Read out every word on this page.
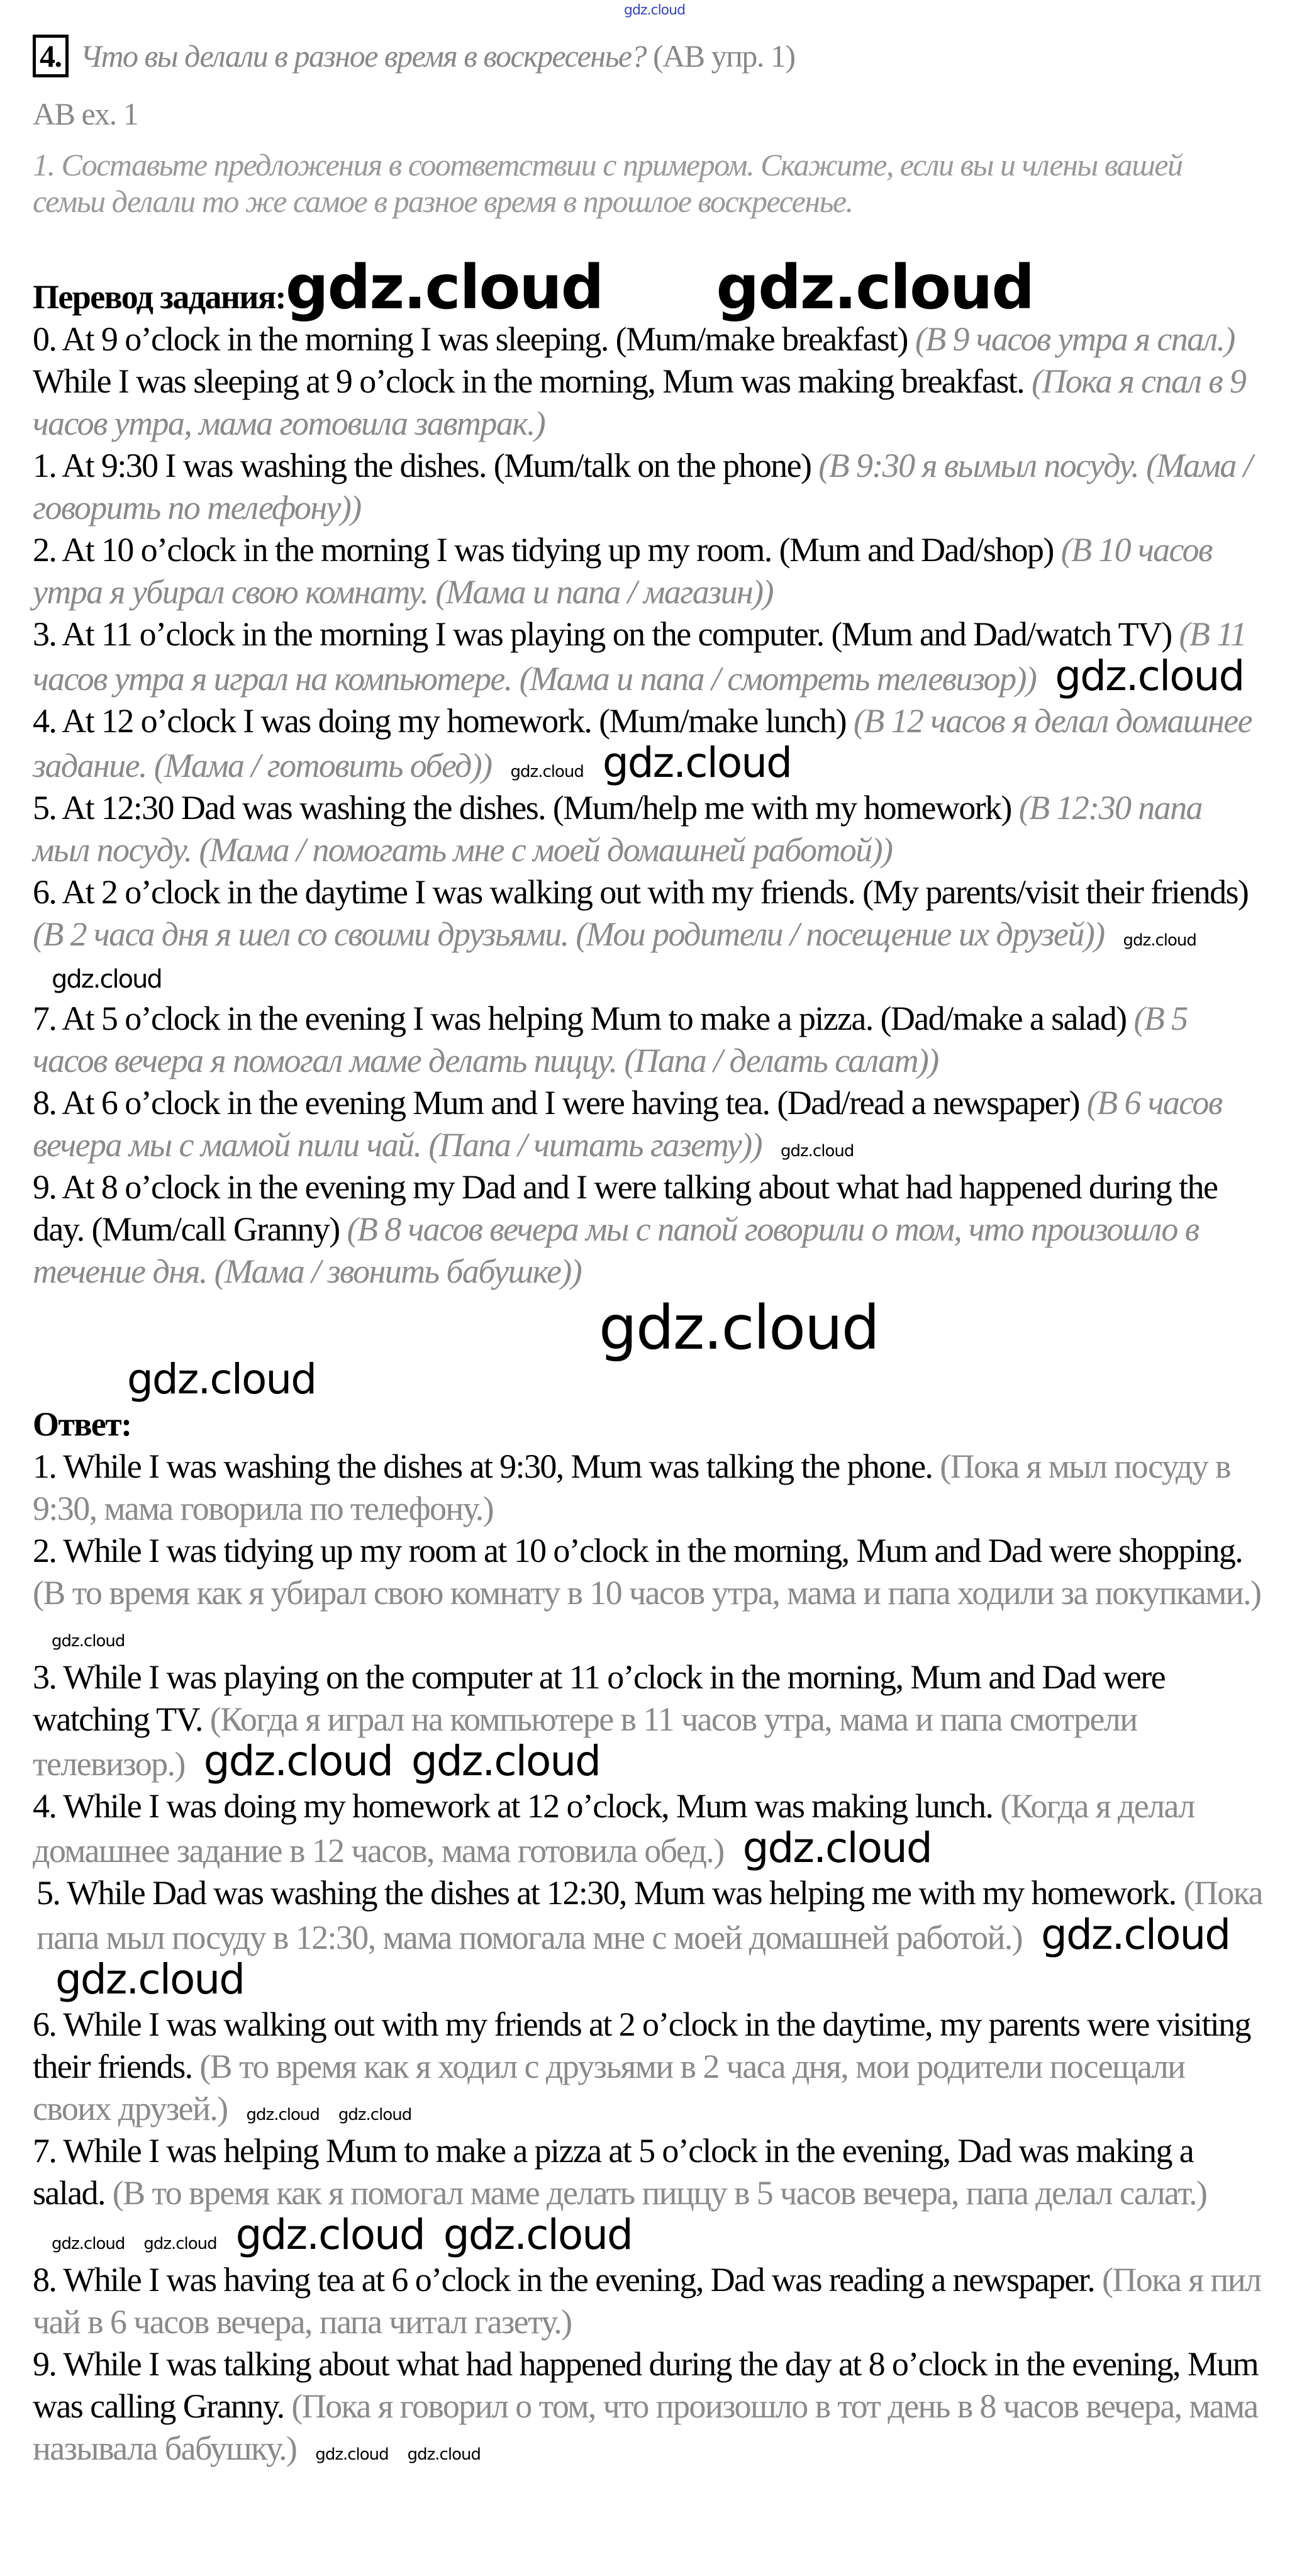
gdz.cloud
4. Что вы делали в разное время в воскресенье? (AB упр. 1)
AB ex. 1
1. Составьте предложения в соответствии с примером. Скажите, если вы и члены вашей семьи делали то же самое в разное время в прошлое воскресенье.
Перевод задания:gdz.cloud gdz.cloud

0. At 9 o’clock in the morning I was sleeping. (Mum/make breakfast) (В 9 часов утра я спал.)

While I was sleeping at 9 o’clock in the morning, Mum was making breakfast. (Пока я спал в 9 часов утра, мама готовила завтрак.)

1. At 9:30 I was washing the dishes. (Mum/talk on the phone) (В 9:30 я вымыл посуду. (Мама / говорить по телефону))

2. At 10 o’clock in the morning I was tidying up my room. (Mum and Dad/shop) (В 10 часов утра я убирал свою комнату. (Мама и папа / магазин))

3. At 11 o’clock in the morning I was playing on the computer. (Mum and Dad/watch TV) (В 11 часов утра я играл на компьютере. (Мама и папа / смотреть телевизор)) gdz.cloud

4. At 12 o’clock I was doing my homework. (Mum/make lunch) (В 12 часов я делал домашнее задание. (Мама / готовить обед)) gdz.cloud gdz.cloud

5. At 12:30 Dad was washing the dishes. (Mum/help me with my homework) (В 12:30 папа мыл посуду. (Мама / помогать мне с моей домашней работой))

6. At 2 o’clock in the daytime I was walking out with my friends. (My parents/visit their friends) (В 2 часа дня я шел со своими друзьями. (Мои родители / посещение их друзей)) gdz.cloudgdz.cloud

7. At 5 o’clock in the evening I was helping Mum to make a pizza. (Dad/make a salad) (В 5 часов вечера я помогал маме делать пиццу. (Папа / делать салат))

8. At 6 o’clock in the evening Mum and I were having tea. (Dad/read a newspaper) (В 6 часов вечера мы с мамой пили чай. (Папа / читать газету)) gdz.cloud

9. At 8 o’clock in the evening my Dad and I were talking about what had happened during the day. (Mum/call Granny) (В 8 часов вечера мы с папой говорили о том, что произошло в течение дня. (Мама / звонить бабушке))

gdz.cloud
gdz.cloud
Ответ:

1. While I was washing the dishes at 9:30, Mum was talking the phone. (Пока я мыл посуду в 9:30, мама говорила по телефону.)

2. While I was tidying up my room at 10 o’clock in the morning, Mum and Dad were shopping. (В то время как я убирал свою комнату в 10 часов утра, мама и папа ходили за покупками.)gdz.cloud

3. While I was playing on the computer at 11 o’clock in the morning, Mum and Dad were watching TV. (Когда я играл на компьютере в 11 часов утра, мама и папа смотрели телевизор.) gdz.cloud gdz.cloud

4. While I was doing my homework at 12 o’clock, Mum was making lunch. (Когда я делал домашнее задание в 12 часов, мама готовила обед.) gdz.cloud

5. While Dad was washing the dishes at 12:30, Mum was helping me with my homework. (Пока папа мыл посуду в 12:30, мама помогала мне с моей домашней работой.) gdz.cloudgdz.cloud

6. While I was walking out with my friends at 2 o’clock in the daytime, my parents were visiting their friends. (В то время как я ходил с друзьями в 2 часа дня, мои родители посещали своих друзей.) gdz.cloud gdz.cloud

7. While I was helping Mum to make a pizza at 5 o’clock in the evening, Dad was making a salad. (В то время как я помогал маме делать пиццу в 5 часов вечера, папа делал салат.)gdz.cloud gdz.cloud gdz.cloud gdz.cloud

8. While I was having tea at 6 o’clock in the evening, Dad was reading a newspaper. (Пока я пил чай в 6 часов вечера, папа читал газету.)

9. While I was talking about what had happened during the day at 8 o’clock in the evening, Mum was calling Granny. (Пока я говорил о том, что произошло в тот день в 8 часов вечера, мама называла бабушку.) gdz.cloud gdz.cloud
